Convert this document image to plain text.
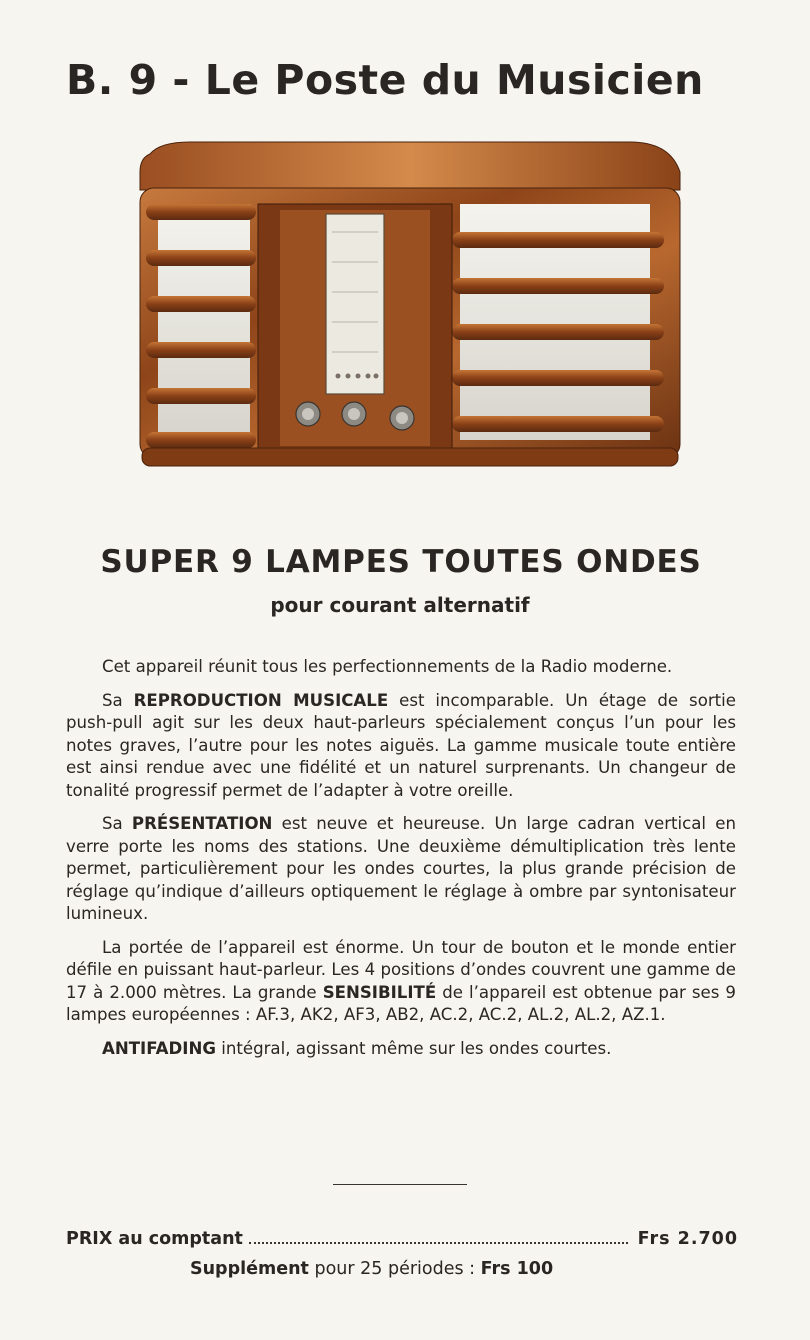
B. 9 - Le Poste du Musicien
SUPER 9 LAMPES TOUTES ONDES
pour courant alternatif

Cet appareil réunit tous les perfectionnements de la Radio moderne.

Sa REPRODUCTION MUSICALE est incomparable. Un étage de sortie push-pull agit sur les deux haut-parleurs spécialement conçus l’un pour les notes graves, l’autre pour les notes aiguës. La gamme musicale toute entière est ainsi rendue avec une fidélité et un naturel surprenants. Un changeur de tonalité progressif permet de l’adapter à votre oreille.

Sa PRÉSENTATION est neuve et heureuse. Un large cadran vertical en verre porte les noms des stations. Une deuxième démultiplication très lente permet, particulièrement pour les ondes courtes, la plus grande précision de réglage qu’indique d’ailleurs optiquement le réglage à ombre par syntonisateur lumineux.

La portée de l’appareil est énorme. Un tour de bouton et le monde entier défile en puissant haut-parleur. Les 4 positions d’ondes couvrent une gamme de 17 à 2.000 mètres. La grande SENSIBILITÉ de l’appareil est obtenue par ses 9 lampes européennes : AF.3, AK2, AF3, AB2, AC.2, AC.2, AL.2, AL.2, AZ.1.

ANTIFADING intégral, agissant même sur les ondes courtes.

PRIX au comptant	Frs 2.700
Supplément pour 25 périodes : Frs 100
